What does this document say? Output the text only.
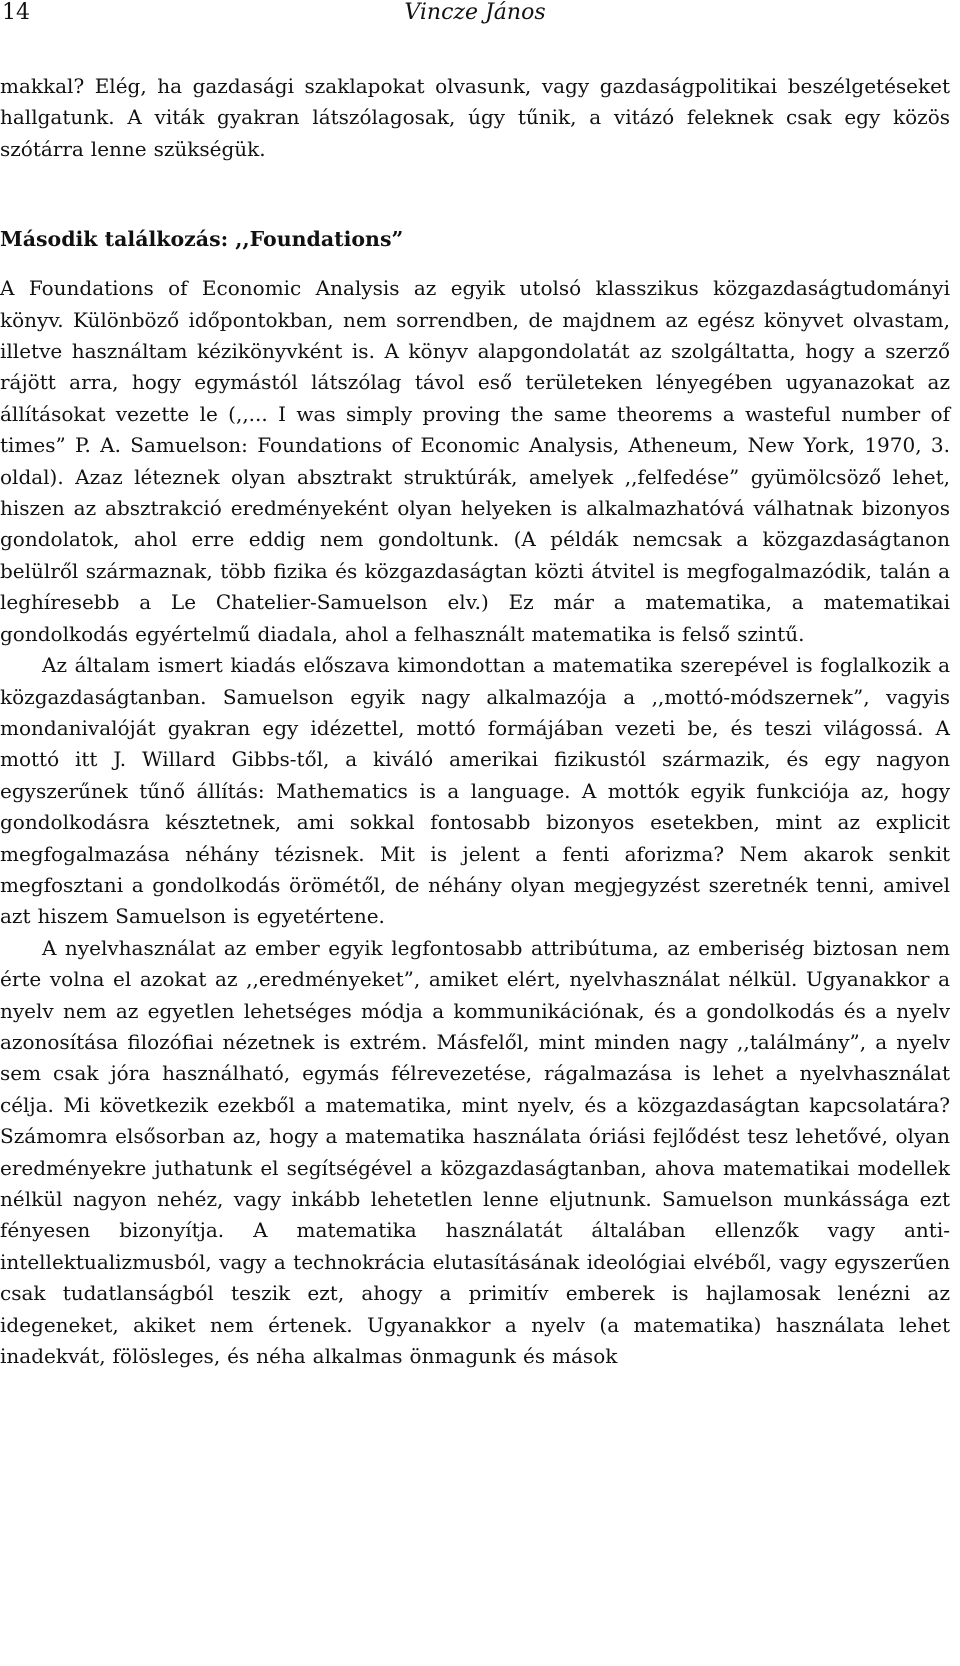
14	Vincze János

makkal? Elég, ha gazdasági szaklapokat olvasunk, vagy gazdaságpolitikai beszélgetéseket hallgatunk. A viták gyakran látszólagosak, úgy tűnik, a vitázó feleknek csak egy közös szótárra lenne szükségük.

Második találkozás: ,,Foundations”

A Foundations of Economic Analysis az egyik utolsó klasszikus közgazdaságtudományi könyv. Különböző időpontokban, nem sorrendben, de majdnem az egész könyvet olvastam, illetve használtam kézikönyvként is. A könyv alapgondolatát az szolgáltatta, hogy a szerző rájött arra, hogy egymástól látszólag távol eső területeken lényegében ugyanazokat az állításokat vezette le (,,... I was simply proving the same theorems a wasteful number of times” P. A. Samuelson: Foundations of Economic Analysis, Atheneum, New York, 1970, 3. oldal). Azaz léteznek olyan absztrakt struktúrák, amelyek ,,felfedése” gyümölcsöző lehet, hiszen az absztrakció eredményeként olyan helyeken is alkalmazhatóvá válhatnak bizonyos gondolatok, ahol erre eddig nem gondoltunk. (A példák nemcsak a közgazdaságtanon belülről származnak, több fizika és közgazdaságtan közti átvitel is megfogalmazódik, talán a leghíresebb a Le Chatelier-Samuelson elv.) Ez már a matematika, a matematikai gondolkodás egyértelmű diadala, ahol a felhasznált matematika is felső szintű.

Az általam ismert kiadás előszava kimondottan a matematika szerepével is foglalkozik a közgazdaságtanban. Samuelson egyik nagy alkalmazója a ,,mottó-módszernek”, vagyis mondanivalóját gyakran egy idézettel, mottó formájában vezeti be, és teszi világossá. A mottó itt J. Willard Gibbs-től, a kiváló amerikai fizikustól származik, és egy nagyon egyszerűnek tűnő állítás: Mathematics is a language. A mottók egyik funkciója az, hogy gondolkodásra késztetnek, ami sokkal fontosabb bizonyos esetekben, mint az explicit megfogalmazása néhány tézisnek. Mit is jelent a fenti aforizma? Nem akarok senkit megfosztani a gondolkodás örömétől, de néhány olyan megjegyzést szeretnék tenni, amivel azt hiszem Samuelson is egyetértene.

A nyelvhasználat az ember egyik legfontosabb attribútuma, az emberiség biztosan nem érte volna el azokat az ,,eredményeket”, amiket elért, nyelvhasználat nélkül. Ugyanakkor a nyelv nem az egyetlen lehetséges módja a kommunikációnak, és a gondolkodás és a nyelv azonosítása filozófiai nézetnek is extrém. Másfelől, mint minden nagy ,,találmány”, a nyelv sem csak jóra használható, egymás félrevezetése, rágalmazása is lehet a nyelvhasználat célja. Mi következik ezekből a matematika, mint nyelv, és a közgazdaságtan kapcsolatára? Számomra elsősorban az, hogy a matematika használata óriási fejlődést tesz lehetővé, olyan eredményekre juthatunk el segítségével a közgazdaságtanban, ahova matematikai modellek nélkül nagyon nehéz, vagy inkább lehetetlen lenne eljutnunk. Samuelson munkássága ezt fényesen bizonyítja. A matematika használatát általában ellenzők vagy anti-intellektualizmusból, vagy a technokrácia elutasításának ideológiai elvéből, vagy egyszerűen csak tudatlanságból teszik ezt, ahogy a primitív emberek is hajlamosak lenézni az idegeneket, akiket nem értenek. Ugyanakkor a nyelv (a matematika) használata lehet inadekvát, fölösleges, és néha alkalmas önmagunk és mások
